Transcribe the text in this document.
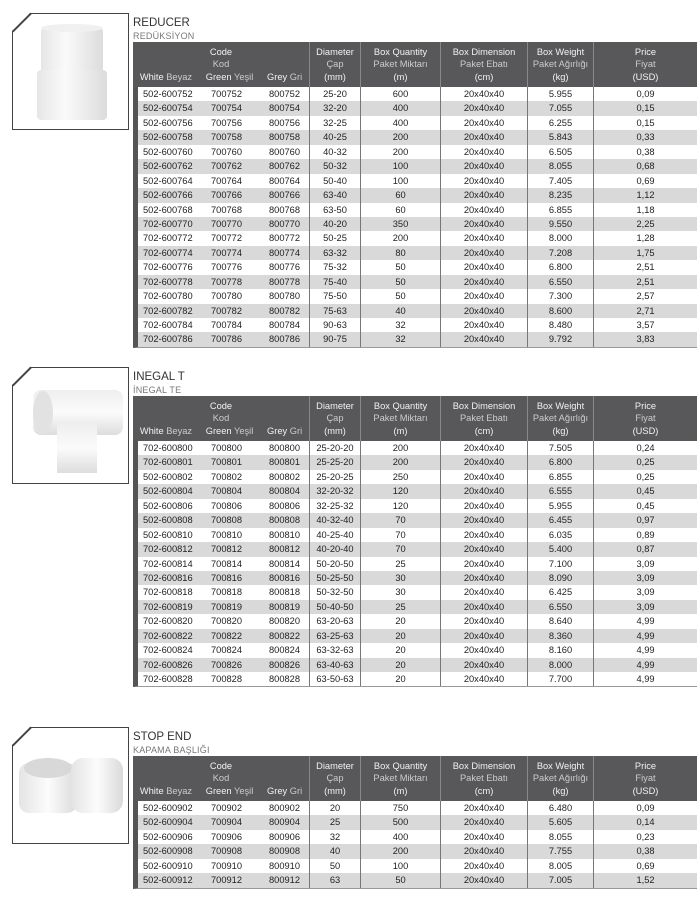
REDUCER
REDÜKSİYON
Code
Kod
White Beyaz Green Yeşil Grey Gri
Diameter
Çap
(mm)
Box Quantity
Paket Miktarı
(m)
Box Dimension
Paket Ebatı
(cm)
Box Weight
Paket Ağırlığı
(kg)
Price
Fiyat
(USD)
502-600752	700752	800752	25-20	600	20x40x40	5.955	0,09
502-600754	700754	800754	32-20	400	20x40x40	7.055	0,15
502-600756	700756	800756	32-25	400	20x40x40	6.255	0,15
502-600758	700758	800758	40-25	200	20x40x40	5.843	0,33
502-600760	700760	800760	40-32	200	20x40x40	6.505	0,38
502-600762	700762	800762	50-32	100	20x40x40	8.055	0,68
502-600764	700764	800764	50-40	100	20x40x40	7.405	0,69
502-600766	700766	800766	63-40	60	20x40x40	8.235	1,12
502-600768	700768	800768	63-50	60	20x40x40	6.855	1,18
702-600770	700770	800770	40-20	350	20x40x40	9.550	2,25
702-600772	700772	800772	50-25	200	20x40x40	8.000	1,28
702-600774	700774	800774	63-32	80	20x40x40	7.208	1,75
702-600776	700776	800776	75-32	50	20x40x40	6.800	2,51
702-600778	700778	800778	75-40	50	20x40x40	6.550	2,51
702-600780	700780	800780	75-50	50	20x40x40	7.300	2,57
702-600782	700782	800782	75-63	40	20x40x40	8.600	2,71
702-600784	700784	800784	90-63	32	20x40x40	8.480	3,57
702-600786	700786	800786	90-75	32	20x40x40	9.792	3,83
INEGAL T
İNEGAL TE
Code
Kod
White Beyaz Green Yeşil Grey Gri
Diameter
Çap
(mm)
Box Quantity
Paket Miktarı
(m)
Box Dimension
Paket Ebatı
(cm)
Box Weight
Paket Ağırlığı
(kg)
Price
Fiyat
(USD)
702-600800	700800	800800	25-20-20	200	20x40x40	7.505	0,24
702-600801	700801	800801	25-25-20	200	20x40x40	6.800	0,25
502-600802	700802	800802	25-20-25	250	20x40x40	6.855	0,25
502-600804	700804	800804	32-20-32	120	20x40x40	6.555	0,45
502-600806	700806	800806	32-25-32	120	20x40x40	5.955	0,45
502-600808	700808	800808	40-32-40	70	20x40x40	6.455	0,97
502-600810	700810	800810	40-25-40	70	20x40x40	6.035	0,89
702-600812	700812	800812	40-20-40	70	20x40x40	5.400	0,87
702-600814	700814	800814	50-20-50	25	20x40x40	7.100	3,09
702-600816	700816	800816	50-25-50	30	20x40x40	8.090	3,09
702-600818	700818	800818	50-32-50	30	20x40x40	6.425	3,09
702-600819	700819	800819	50-40-50	25	20x40x40	6.550	3,09
702-600820	700820	800820	63-20-63	20	20x40x40	8.640	4,99
702-600822	700822	800822	63-25-63	20	20x40x40	8.360	4,99
702-600824	700824	800824	63-32-63	20	20x40x40	8.160	4,99
702-600826	700826	800826	63-40-63	20	20x40x40	8.000	4,99
702-600828	700828	800828	63-50-63	20	20x40x40	7.700	4,99
STOP END
KAPAMA BAŞLIĞI
Code
Kod
White Beyaz Green Yeşil Grey Gri
Diameter
Çap
(mm)
Box Quantity
Paket Miktarı
(m)
Box Dimension
Paket Ebatı
(cm)
Box Weight
Paket Ağırlığı
(kg)
Price
Fiyat
(USD)
502-600902	700902	800902	20	750	20x40x40	6.480	0,09
502-600904	700904	800904	25	500	20x40x40	5.605	0,14
502-600906	700906	800906	32	400	20x40x40	8.055	0,23
502-600908	700908	800908	40	200	20x40x40	7.755	0,38
502-600910	700910	800910	50	100	20x40x40	8.005	0,69
502-600912	700912	800912	63	50	20x40x40	7.005	1,52
